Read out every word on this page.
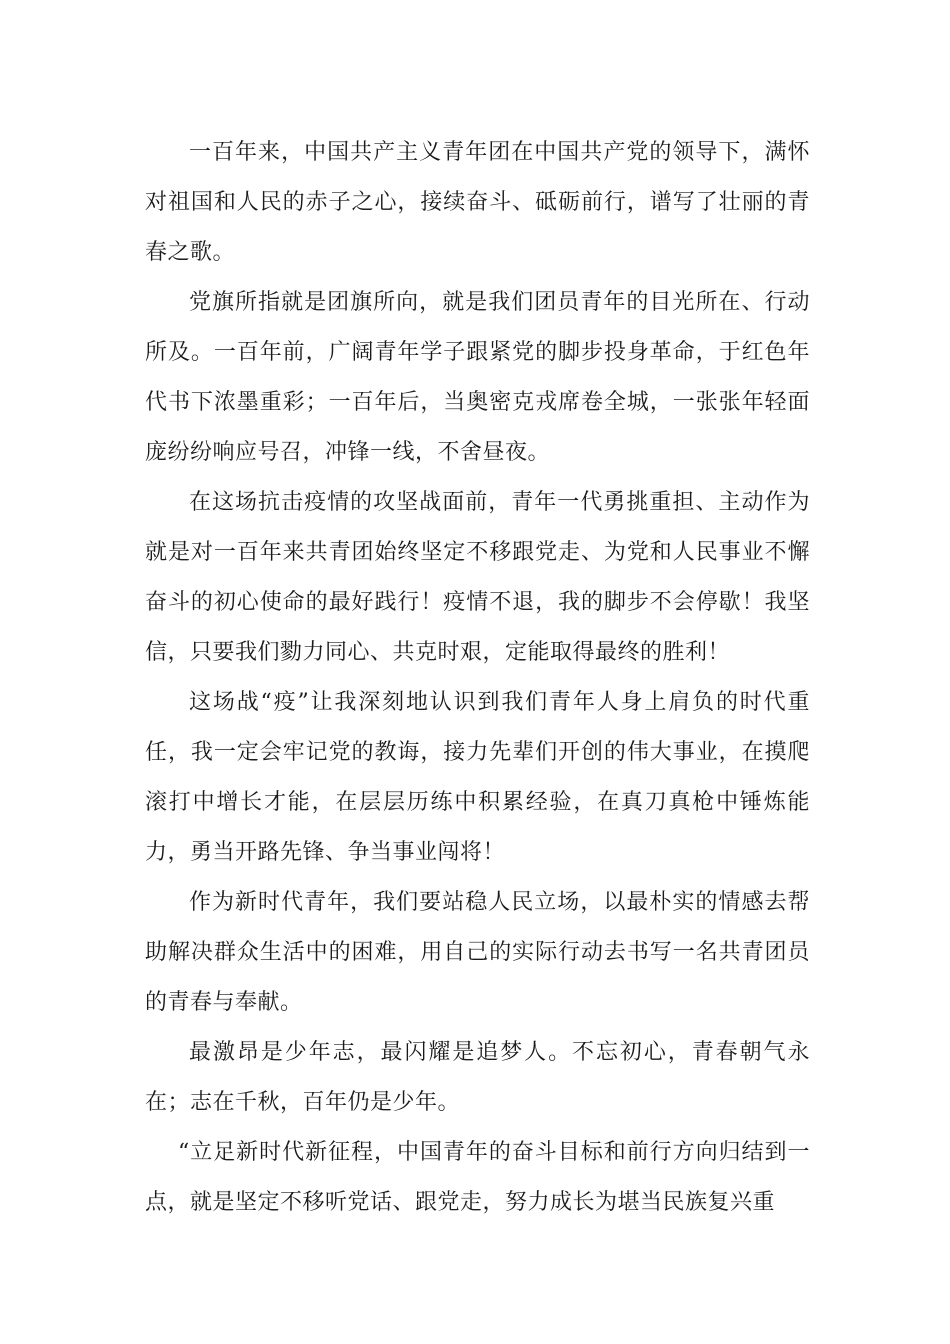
一百年来，中国共产主义青年团在中国共产党的领导下，满怀对祖国和人民的赤子之心，接续奋斗、砥砺前行，谱写了壮丽的青春之歌。

党旗所指就是团旗所向，就是我们团员青年的目光所在、行动所及。一百年前，广阔青年学子跟紧党的脚步投身革命，于红色年代书下浓墨重彩；一百年后，当奥密克戎席卷全城，一张张年轻面庞纷纷响应号召，冲锋一线，不舍昼夜。

在这场抗击疫情的攻坚战面前，青年一代勇挑重担、主动作为就是对一百年来共青团始终坚定不移跟党走、为党和人民事业不懈奋斗的初心使命的最好践行！疫情不退，我的脚步不会停歇！我坚信，只要我们勠力同心、共克时艰，定能取得最终的胜利！

这场战“疫”让我深刻地认识到我们青年人身上肩负的时代重任，我一定会牢记党的教诲，接力先辈们开创的伟大事业，在摸爬滚打中增长才能，在层层历练中积累经验，在真刀真枪中锤炼能力，勇当开路先锋、争当事业闯将！

作为新时代青年，我们要站稳人民立场，以最朴实的情感去帮助解决群众生活中的困难，用自己的实际行动去书写一名共青团员的青春与奉献。

最激昂是少年志，最闪耀是追梦人。不忘初心，青春朝气永在；志在千秋，百年仍是少年。

“立足新时代新征程，中国青年的奋斗目标和前行方向归结到一点，就是坚定不移听党话、跟党走，努力成长为堪当民族复兴重
